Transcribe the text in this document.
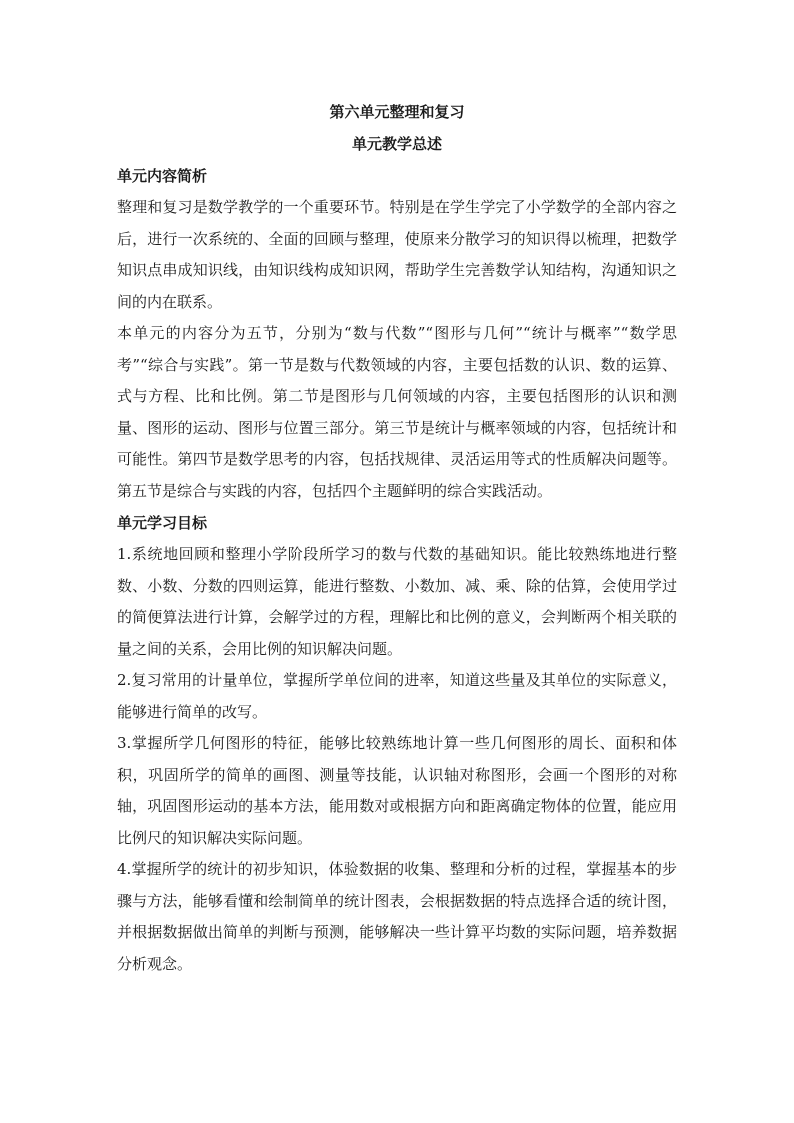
第六单元整理和复习

单元教学总述

单元内容简析

整理和复习是数学教学的一个重要环节。特别是在学生学完了小学数学的全部内容之后，进行一次系统的、全面的回顾与整理，使原来分散学习的知识得以梳理，把数学知识点串成知识线，由知识线构成知识网，帮助学生完善数学认知结构，沟通知识之间的内在联系。

本单元的内容分为五节，分别为“数与代数”“图形与几何”“统计与概率”“数学思考”“综合与实践”。第一节是数与代数领域的内容，主要包括数的认识、数的运算、式与方程、比和比例。第二节是图形与几何领域的内容，主要包括图形的认识和测量、图形的运动、图形与位置三部分。第三节是统计与概率领域的内容，包括统计和可能性。第四节是数学思考的内容，包括找规律、灵活运用等式的性质解决问题等。第五节是综合与实践的内容，包括四个主题鲜明的综合实践活动。

单元学习目标

1.系统地回顾和整理小学阶段所学习的数与代数的基础知识。能比较熟练地进行整数、小数、分数的四则运算，能进行整数、小数加、减、乘、除的估算，会使用学过的简便算法进行计算，会解学过的方程，理解比和比例的意义，会判断两个相关联的量之间的关系，会用比例的知识解决问题。

2.复习常用的计量单位，掌握所学单位间的进率，知道这些量及其单位的实际意义，能够进行简单的改写。

3.掌握所学几何图形的特征，能够比较熟练地计算一些几何图形的周长、面积和体积，巩固所学的简单的画图、测量等技能，认识轴对称图形，会画一个图形的对称轴，巩固图形运动的基本方法，能用数对或根据方向和距离确定物体的位置，能应用比例尺的知识解决实际问题。

4.掌握所学的统计的初步知识，体验数据的收集、整理和分析的过程，掌握基本的步骤与方法，能够看懂和绘制简单的统计图表，会根据数据的特点选择合适的统计图，并根据数据做出简单的判断与预测，能够解决一些计算平均数的实际问题，培养数据分析观念。
